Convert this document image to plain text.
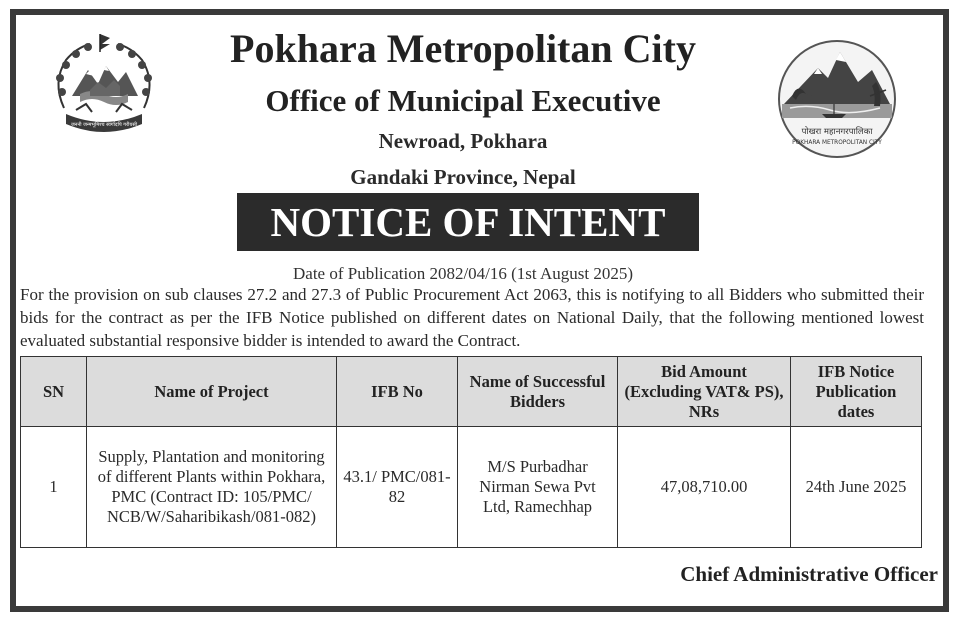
जननी जन्मभूमिश्च स्वर्गादपि गरीयसी
पोखरा महानगरपालिका
POKHARA METROPOLITAN CITY
Pokhara Metropolitan City
Office of Municipal Executive
Newroad, Pokhara
Gandaki Province, Nepal
NOTICE OF INTENT
Date of Publication 2082/04/16 (1st August 2025)
For the provision on sub clauses 27.2 and 27.3 of Public Procurement Act 2063, this is notifying to all Bidders who submitted their bids for the contract as per the IFB Notice published on different dates on National Daily, that the following mentioned lowest evaluated substantial responsive bidder is intended to award the Contract.
SN	Name of Project	IFB No	Name of Successful Bidders	Bid Amount (Excluding VAT& PS), NRs	IFB Notice Publication dates
1	Supply, Plantation and monitoring of different Plants within Pokhara, PMC (Contract ID: 105/PMC/ NCB/W/Saharibikash/081-082)	43.1/ PMC/081-82	M/S Purbadhar Nirman Sewa Pvt Ltd, Ramechhap	47,08,710.00	24th June 2025
Chief Administrative Officer
